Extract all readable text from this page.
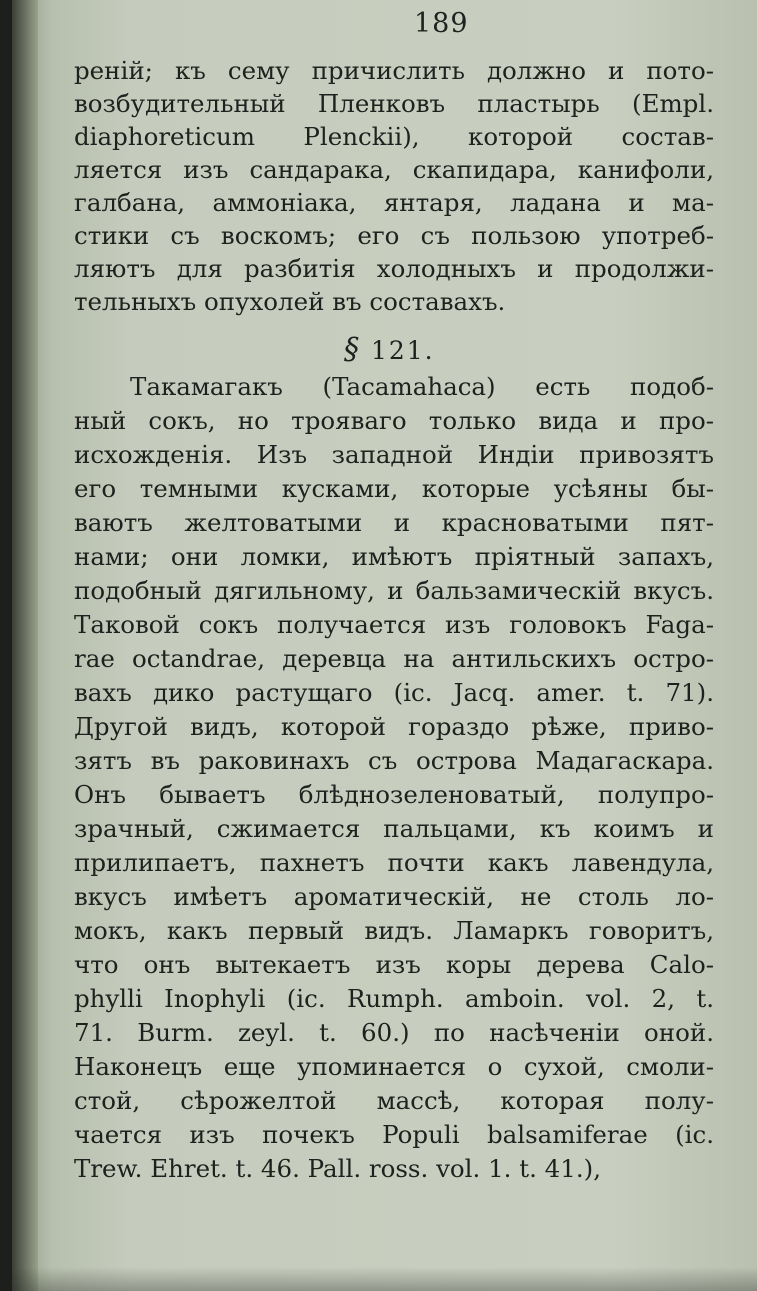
189
реній; къ сему причислить должно и пото-
возбудительный Пленковъ пластырь (Empl.
diaphoreticum Plenckii), которой состав-
ляется изъ сандарака, скапидара, канифоли,
галбана, аммоніака, янтаря, ладана и ма-
стики съ воскомъ; его съ пользою употреб-
ляютъ для разбитія холодныхъ и продолжи-
тельныхъ опухолей въ составахъ.
§ 121.
Такамагакъ (Tacamahaca) есть подоб-
ный сокъ, но трояваго только вида и про-
исхожденія. Изъ западной Индіи привозятъ
его темными кусками, которые усѣяны бы-
ваютъ желтоватыми и красноватыми пят-
нами; они ломки, имѣютъ пріятный запахъ,
подобный дягильному, и бальзамическій вкусъ.
Таковой сокъ получается изъ головокъ Faga-
rae octandrae, деревца на антильскихъ остро-
вахъ дико растущаго (ic. Jacq. amer. t. 71).
Другой видъ, которой гораздо рѣже, приво-
зятъ въ раковинахъ съ острова Мадагаскара.
Онъ бываетъ блѣднозеленоватый, полупро-
зрачный, сжимается пальцами, къ коимъ и
прилипаетъ, пахнетъ почти какъ лавендула,
вкусъ имѣетъ ароматическій, не столь ло-
мокъ, какъ первый видъ. Ламаркъ говоритъ,
что онъ вытекаетъ изъ коры дерева Calo-
phylli Inophyli (ic. Rumph. amboin. vol. 2, t.
71. Burm. zeyl. t. 60.) по насѣченіи оной.
Наконецъ еще упоминается о сухой, смоли-
стой, сѣрожелтой массѣ, которая полу-
чается изъ почекъ Populi balsamiferae (ic.
Trew. Ehret. t. 46. Pall. ross. vol. 1. t. 41.),
